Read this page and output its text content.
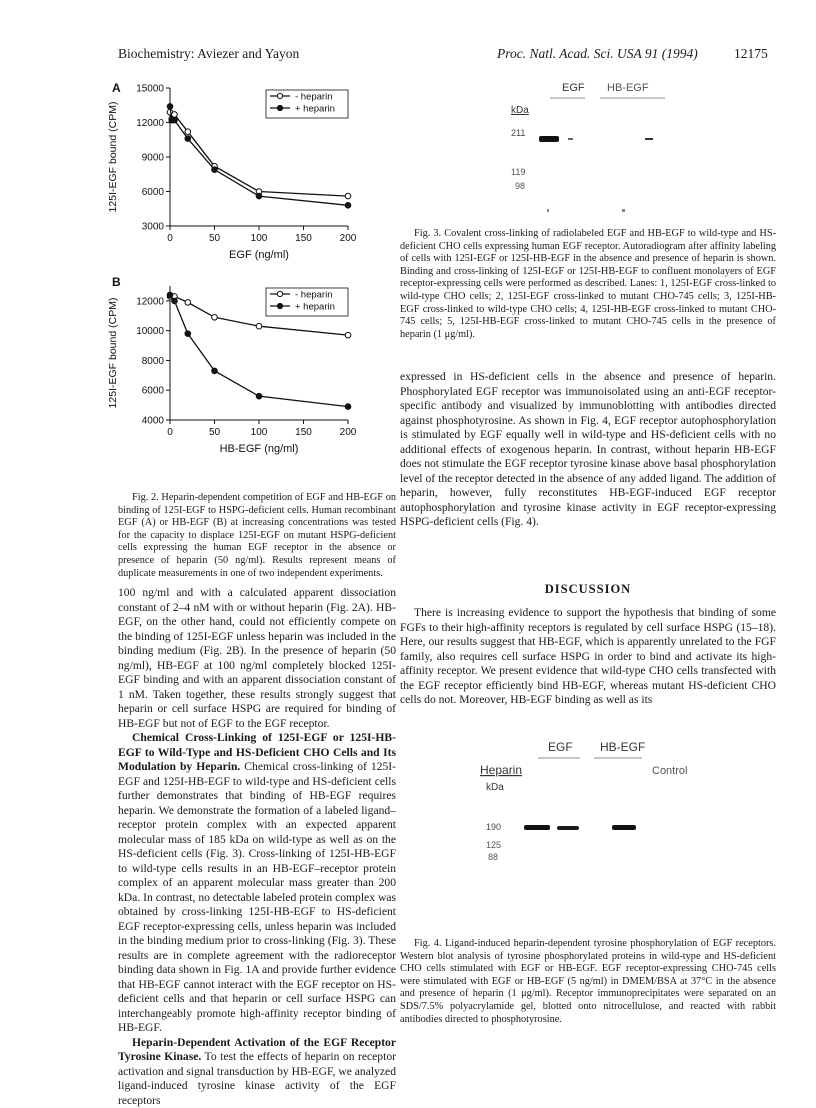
Biochemistry: Aviezer and Yayon	Proc. Natl. Acad. Sci. USA 91 (1994)	12175
A
3000
6000
9000
12000
15000
0	50	100	150	200
EGF (ng/ml)
125I-EGF bound (CPM)
- heparin
+ heparin
B
4000
6000
8000
10000
12000
0	50	100	150	200
HB-EGF (ng/ml)
125I-EGF bound (CPM)
- heparin
+ heparin

Fig. 2. Heparin-dependent competition of EGF and HB-EGF on binding of 125I-EGF to HSPG-deficient cells. Human recombinant EGF (A) or HB-EGF (B) at increasing concentrations was tested for the capacity to displace 125I-EGF on mutant HSPG-deficient cells expressing the human EGF receptor in the absence or presence of heparin (50 ng/ml). Results represent means of duplicate measurements in one of two independent experiments.

100 ng/ml and with a calculated apparent dissociation constant of 2–4 nM with or without heparin (Fig. 2A). HB-EGF, on the other hand, could not efficiently compete on the binding of 125I-EGF unless heparin was included in the binding medium (Fig. 2B). In the presence of heparin (50 ng/ml), HB-EGF at 100 ng/ml completely blocked 125I-EGF binding and with an apparent dissociation constant of 1 nM. Taken together, these results strongly suggest that heparin or cell surface HSPG are required for binding of HB-EGF but not of EGF to the EGF receptor.

Chemical Cross-Linking of 125I-EGF or 125I-HB-EGF to Wild-Type and HS-Deficient CHO Cells and Its Modulation by Heparin. Chemical cross-linking of 125I-EGF and 125I-HB-EGF to wild-type and HS-deficient cells further demonstrates that binding of HB-EGF requires heparin. We demonstrate the formation of a labeled ligand–receptor protein complex with an expected apparent molecular mass of 185 kDa on wild-type as well as on the HS-deficient cells (Fig. 3). Cross-linking of 125I-HB-EGF to wild-type cells results in an HB-EGF–receptor protein complex of an apparent molecular mass greater than 200 kDa. In contrast, no detectable labeled protein complex was obtained by cross-linking 125I-HB-EGF to HS-deficient EGF receptor-expressing cells, unless heparin was included in the binding medium prior to cross-linking (Fig. 3). These results are in complete agreement with the radioreceptor binding data shown in Fig. 1A and provide further evidence that HB-EGF cannot interact with the EGF receptor on HS-deficient cells and that heparin or cell surface HSPG can interchangeably promote high-affinity receptor binding of HB-EGF.

Heparin-Dependent Activation of the EGF Receptor Tyrosine Kinase. To test the effects of heparin on receptor activation and signal transduction by HB-EGF, we analyzed ligand-induced tyrosine kinase activity of the EGF receptors

EGF HB-EGF
kDa
211
119
98

Fig. 3. Covalent cross-linking of radiolabeled EGF and HB-EGF to wild-type and HS-deficient CHO cells expressing human EGF receptor. Autoradiogram after affinity labeling of cells with 125I-EGF or 125I-HB-EGF in the absence and presence of heparin is shown. Binding and cross-linking of 125I-EGF or 125I-HB-EGF to confluent monolayers of EGF receptor-expressing cells were performed as described. Lanes: 1, 125I-EGF cross-linked to wild-type CHO cells; 2, 125I-EGF cross-linked to mutant CHO-745 cells; 3, 125I-HB-EGF cross-linked to wild-type CHO cells; 4, 125I-HB-EGF cross-linked to mutant CHO-745 cells; 5, 125I-HB-EGF cross-linked to mutant CHO-745 cells in the presence of heparin (1 μg/ml).

expressed in HS-deficient cells in the absence and presence of heparin. Phosphorylated EGF receptor was immunoisolated using an anti-EGF receptor-specific antibody and visualized by immunoblotting with antibodies directed against phosphotyrosine. As shown in Fig. 4, EGF receptor autophosphorylation is stimulated by EGF equally well in wild-type and HS-deficient cells with no additional effects of exogenous heparin. In contrast, without heparin HB-EGF does not stimulate the EGF receptor tyrosine kinase above basal phosphorylation level of the receptor detected in the absence of any added ligand. The addition of heparin, however, fully reconstitutes HB-EGF-induced EGF receptor autophosphorylation and tyrosine kinase activity in EGF receptor-expressing HSPG-deficient cells (Fig. 4).

DISCUSSION

There is increasing evidence to support the hypothesis that binding of some FGFs to their high-affinity receptors is regulated by cell surface HSPG (15–18). Here, our results suggest that HB-EGF, which is apparently unrelated to the FGF family, also requires cell surface HSPG in order to bind and activate its high-affinity receptor. We present evidence that wild-type CHO cells transfected with the EGF receptor efficiently bind HB-EGF, whereas mutant HS-deficient CHO cells do not. Moreover, HB-EGF binding as well as its

EGF HB-EGF
Heparin	Control
kDa
190
125
88

Fig. 4. Ligand-induced heparin-dependent tyrosine phosphorylation of EGF receptors. Western blot analysis of tyrosine phosphorylated proteins in wild-type and HS-deficient CHO cells stimulated with EGF or HB-EGF. EGF receptor-expressing CHO-745 cells were stimulated with EGF or HB-EGF (5 ng/ml) in DMEM/BSA at 37°C in the absence and presence of heparin (1 μg/ml). Receptor immunoprecipitates were separated on an SDS/7.5% polyacrylamide gel, blotted onto nitrocellulose, and reacted with rabbit antibodies directed to phosphotyrosine.
